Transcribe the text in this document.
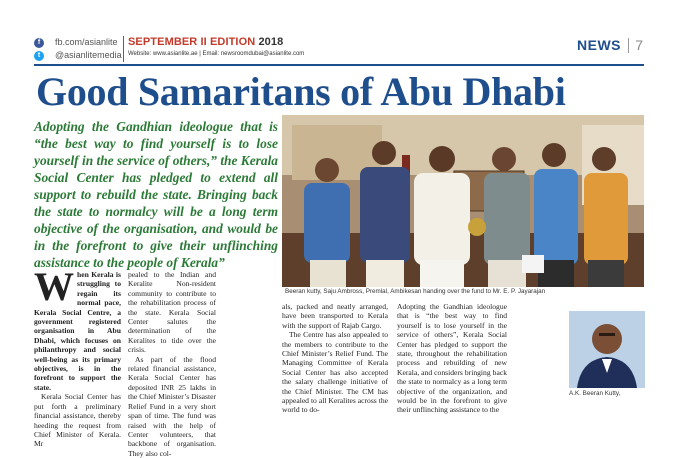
f	fb.com/asianlite
t	@asianlitemedia
SEPTEMBER II EDITION 2018
Website: www.asianlite.ae | Email: newsroomdubai@asianlite.com
NEWS 7
Good Samaritans of Abu Dhabi
Adopting the Gandhian ideologue that is “the best way to find yourself is to lose yourself in the service of others,” the Kerala Social Center has pledged to extend all support to rebuild the state. Bringing back the state to normalcy will be a long term objective of the organisation, and would be in the forefront to give their unflinching assistance to the people of Kerala”
Beeran kutty, Saju Ambross, Premlal, Ambikesan handing over the fund to Mr. E. P. Jayarajan

When Kerala is struggling to regain its normal pace, Kerala Social Centre, a government registered organisation in Abu Dhabi, which focuses on philanthropy and social well-being as its primary objectives, is in the forefront to support the state.

Kerala Social Center has put forth a preliminary financial assistance, thereby heeding the request from Chief Minister of Kerala. Mr

pealed to the Indian and Keralite Non-resident community to contribute to the rehabilitation process of the state. Kerala Social Center salutes the determination of the Keralites to tide over the crisis.

As part of the flood related financial assistance, Kerala Social Center has deposited INR 25 lakhs in the Chief Minister’s Disaster Relief Fund in a very short span of time. The fund was raised with the help of Center volunteers, that backbone of organisation. They also col-

als, packed and neatly arranged, have been transported to Kerala with the support of Rajab Cargo.

The Centre has also appealed to the members to contribute to the Chief Minister’s Relief Fund. The Managing Committee of Kerala Social Center has also accepted the salary challenge initiative of the Chief Minister. The CM has appealed to all Keralites across the world to do-

Adopting the Gandhian ideologue that is “the best way to find yourself is to lose yourself in the service of others”, Kerala Social Center has pledged to support the state, throughout the rehabilitation process and rebuilding of new Kerala, and considers bringing back the state to normalcy as a long term objective of the organization, and would be in the forefront to give their unflinching assistance to the

A.K. Beeran Kutty,
